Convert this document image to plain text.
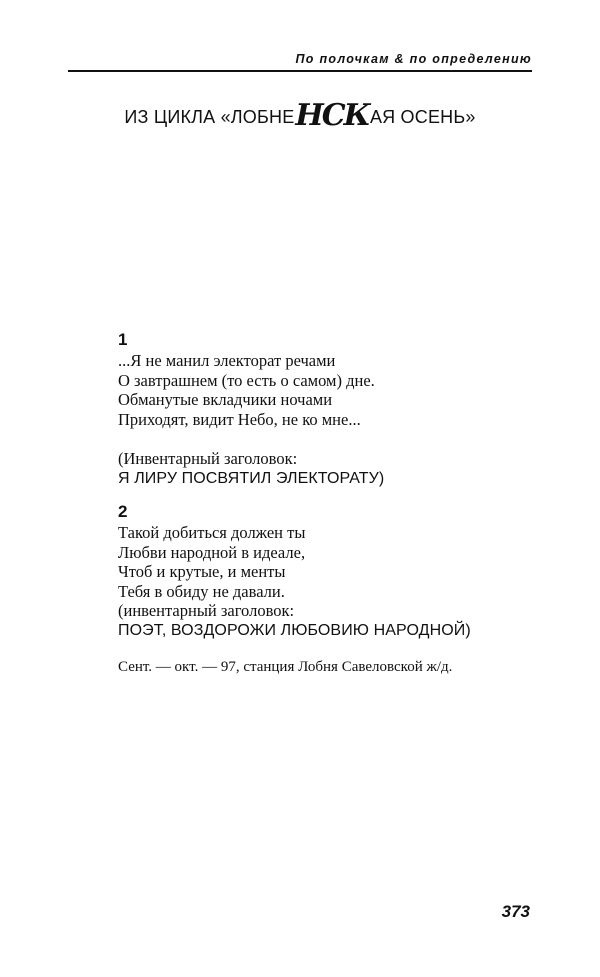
По полочкам & по определению
ИЗ ЦИКЛА «ЛОБНЕНСКАЯ ОСЕНЬ»
1
...Я не манил электорат речами
О завтрашнем (то есть о самом) дне.
Обманутые вкладчики ночами
Приходят, видит Небо, не ко мне...
(Инвентарный заголовок:
Я ЛИРУ ПОСВЯТИЛ ЭЛЕКТОРАТУ)
2
Такой добиться должен ты
Любви народной в идеале,
Чтоб и крутые, и менты
Тебя в обиду не давали.
(инвентарный заголовок:
ПОЭТ, ВОЗДОРОЖИ ЛЮБОВИЮ НАРОДНОЙ)
Сент. — окт. — 97, станция Лобня Савеловской ж/д.
373
